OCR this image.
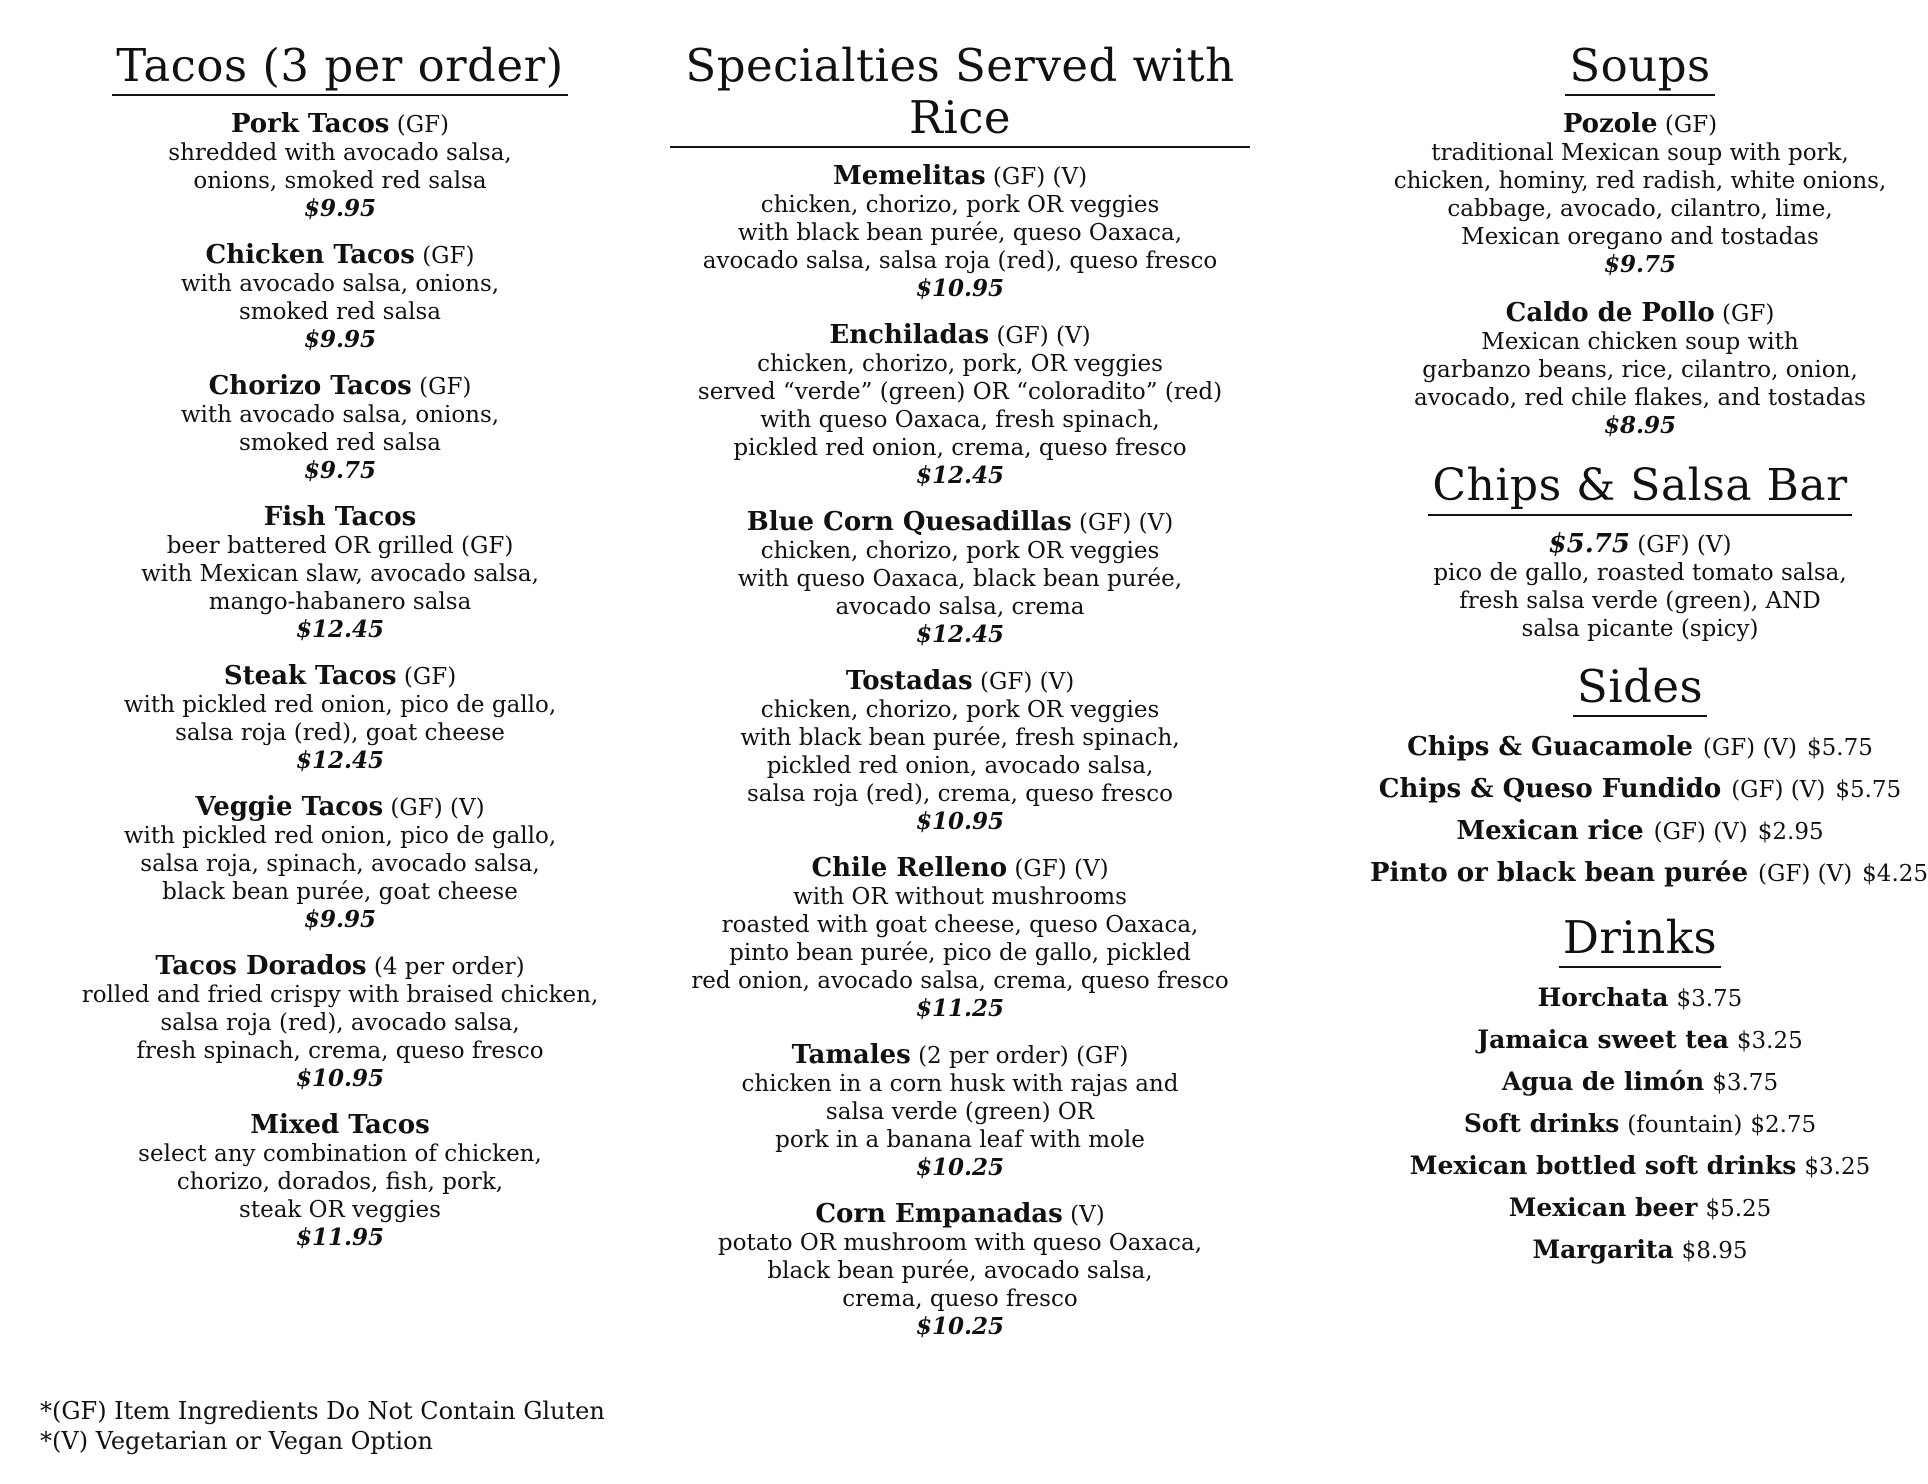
Tacos (3 per order)
Pork Tacos (GF)
shredded with avocado salsa,
onions, smoked red salsa
$9.95
Chicken Tacos (GF)
with avocado salsa, onions,
smoked red salsa
$9.95
Chorizo Tacos (GF)
with avocado salsa, onions,
smoked red salsa
$9.75
Fish Tacos
beer battered OR grilled (GF)
with Mexican slaw, avocado salsa,
mango-habanero salsa
$12.45
Steak Tacos (GF)
with pickled red onion, pico de gallo,
salsa roja (red), goat cheese
$12.45
Veggie Tacos (GF) (V)
with pickled red onion, pico de gallo,
salsa roja, spinach, avocado salsa,
black bean purée, goat cheese
$9.95
Tacos Dorados (4 per order)
rolled and fried crispy with braised chicken,
salsa roja (red), avocado salsa,
fresh spinach, crema, queso fresco
$10.95
Mixed Tacos
select any combination of chicken,
chorizo, dorados, fish, pork,
steak OR veggies
$11.95
Specialties Served with Rice
Memelitas (GF) (V)
chicken, chorizo, pork OR veggies
with black bean purée, queso Oaxaca,
avocado salsa, salsa roja (red), queso fresco
$10.95
Enchiladas (GF) (V)
chicken, chorizo, pork, OR veggies
served “verde” (green) OR “coloradito” (red)
with queso Oaxaca, fresh spinach,
pickled red onion, crema, queso fresco
$12.45
Blue Corn Quesadillas (GF) (V)
chicken, chorizo, pork OR veggies
with queso Oaxaca, black bean purée,
avocado salsa, crema
$12.45
Tostadas (GF) (V)
chicken, chorizo, pork OR veggies
with black bean purée, fresh spinach,
pickled red onion, avocado salsa,
salsa roja (red), crema, queso fresco
$10.95
Chile Relleno (GF) (V)
with OR without mushrooms
roasted with goat cheese, queso Oaxaca,
pinto bean purée, pico de gallo, pickled
red onion, avocado salsa, crema, queso fresco
$11.25
Tamales (2 per order) (GF)
chicken in a corn husk with rajas and
salsa verde (green) OR
pork in a banana leaf with mole
$10.25
Corn Empanadas (V)
potato OR mushroom with queso Oaxaca,
black bean purée, avocado salsa,
crema, queso fresco
$10.25
Soups
Pozole (GF)
traditional Mexican soup with pork,
chicken, hominy, red radish, white onions,
cabbage, avocado, cilantro, lime,
Mexican oregano and tostadas
$9.75
Caldo de Pollo (GF)
Mexican chicken soup with
garbanzo beans, rice, cilantro, onion,
avocado, red chile flakes, and tostadas
$8.95
Chips & Salsa Bar
$5.75 (GF) (V)
pico de gallo, roasted tomato salsa,
fresh salsa verde (green), AND
salsa picante (spicy)
Sides
Chips & Guacamole (GF) (V) $5.75
Chips & Queso Fundido (GF) (V) $5.75
Mexican rice (GF) (V) $2.95
Pinto or black bean purée (GF) (V) $4.25
Drinks
Horchata $3.75
Jamaica sweet tea $3.25
Agua de limón $3.75
Soft drinks (fountain) $2.75
Mexican bottled soft drinks $3.25
Mexican beer $5.25
Margarita $8.95
*(GF) Item Ingredients Do Not Contain Gluten
*(V) Vegetarian or Vegan Option
